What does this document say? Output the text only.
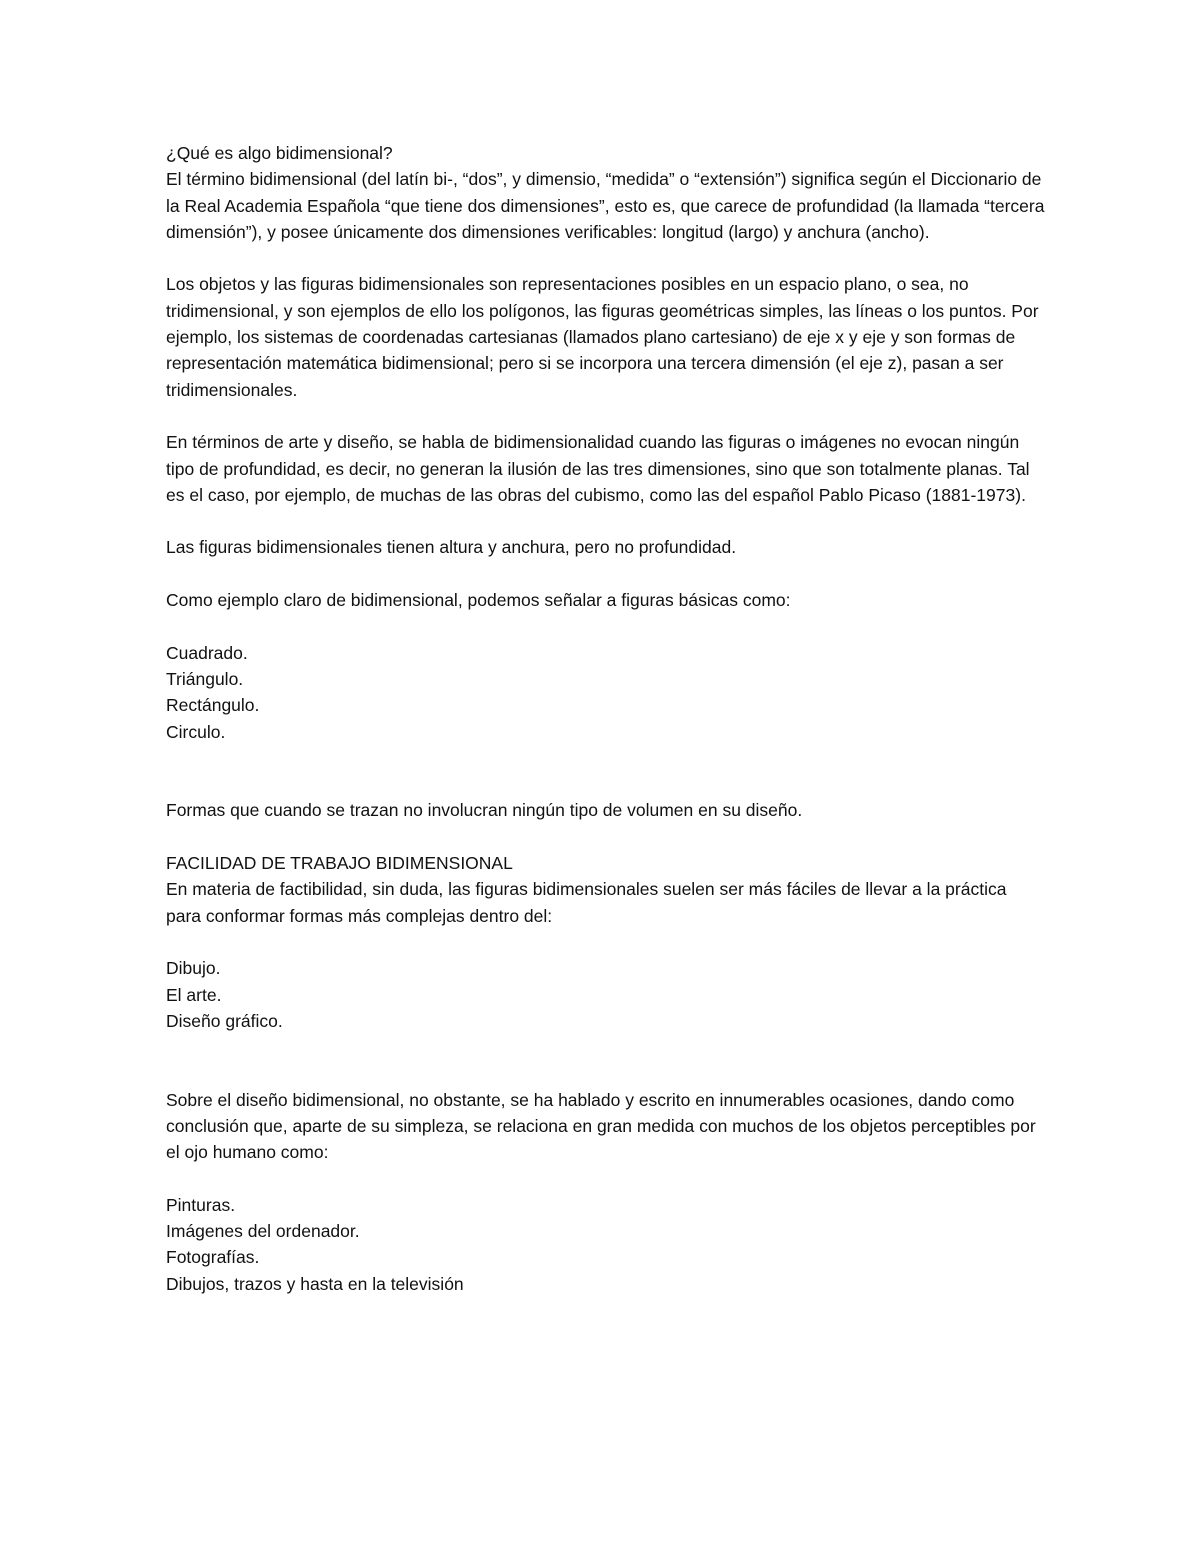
¿Qué es algo bidimensional?

El término bidimensional (del latín bi-, “dos”, y dimensio, “medida” o “extensión”) significa según el Diccionario de la Real Academia Española “que tiene dos dimensiones”, esto es, que carece de profundidad (la llamada “tercera dimensión”), y posee únicamente dos dimensiones verificables: longitud (largo) y anchura (ancho).

Los objetos y las figuras bidimensionales son representaciones posibles en un espacio plano, o sea, no tridimensional, y son ejemplos de ello los polígonos, las figuras geométricas simples, las líneas o los puntos. Por ejemplo, los sistemas de coordenadas cartesianas (llamados plano cartesiano) de eje x y eje y son formas de representación matemática bidimensional; pero si se incorpora una tercera dimensión (el eje z), pasan a ser tridimensionales.

En términos de arte y diseño, se habla de bidimensionalidad cuando las figuras o imágenes no evocan ningún tipo de profundidad, es decir, no generan la ilusión de las tres dimensiones, sino que son totalmente planas. Tal es el caso, por ejemplo, de muchas de las obras del cubismo, como las del español Pablo Picaso (1881-1973).

Las figuras bidimensionales tienen altura y anchura, pero no profundidad.

Como ejemplo claro de bidimensional, podemos señalar a figuras básicas como:

Cuadrado.
Triángulo.
Rectángulo.
Circulo.

Formas que cuando se trazan no involucran ningún tipo de volumen en su diseño.

FACILIDAD DE TRABAJO BIDIMENSIONAL

En materia de factibilidad, sin duda, las figuras bidimensionales suelen ser más fáciles de llevar a la práctica para conformar formas más complejas dentro del:

Dibujo.
El arte.
Diseño gráfico.

Sobre el diseño bidimensional, no obstante, se ha hablado y escrito en innumerables ocasiones, dando como conclusión que, aparte de su simpleza, se relaciona en gran medida con muchos de los objetos perceptibles por el ojo humano como:

Pinturas.
Imágenes del ordenador.
Fotografías.
Dibujos, trazos y hasta en la televisión
